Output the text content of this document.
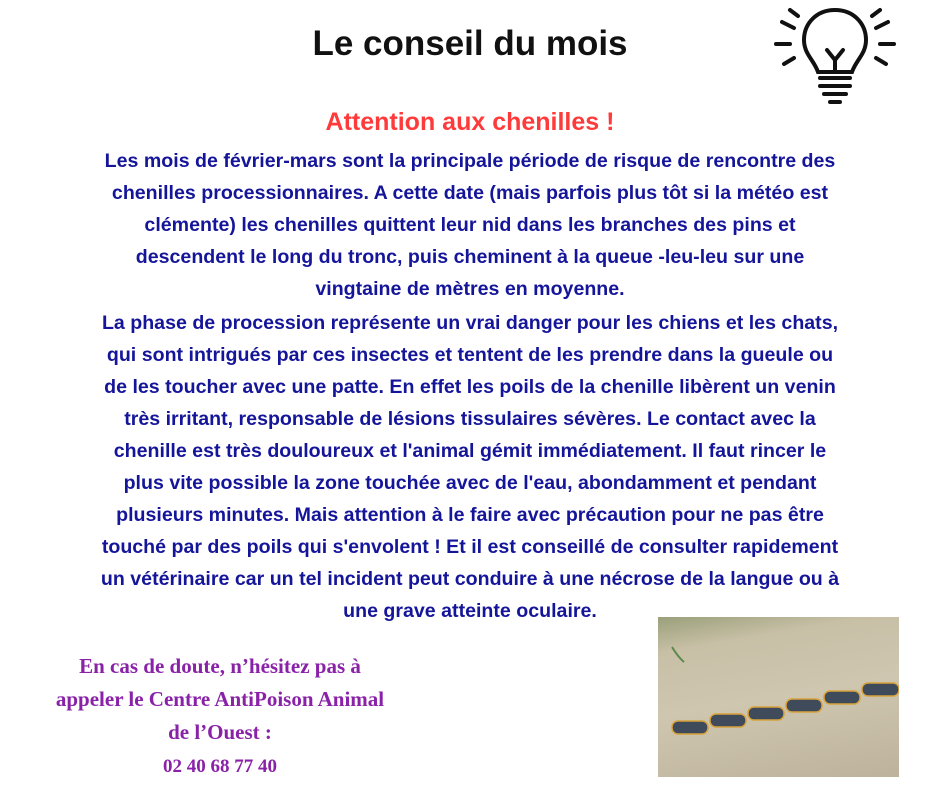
Le conseil du mois
Attention aux chenilles !
Les mois de février-mars sont la principale période de risque de rencontre des
chenilles processionnaires. A cette date (mais parfois plus tôt si la météo est
clémente) les chenilles quittent leur nid dans les branches des pins et
descendent le long du tronc, puis cheminent à la queue -leu-leu sur une
vingtaine de mètres en moyenne.
La phase de procession représente un vrai danger pour les chiens et les chats,
qui sont intrigués par ces insectes et tentent de les prendre dans la gueule ou
de les toucher avec une patte. En effet les poils de la chenille libèrent un venin
très irritant, responsable de lésions tissulaires sévères. Le contact avec la
chenille est très douloureux et l'animal gémit immédiatement. Il faut rincer le
plus vite possible la zone touchée avec de l'eau, abondamment et pendant
plusieurs minutes. Mais attention à le faire avec précaution pour ne pas être
touché par des poils qui s'envolent ! Et il est conseillé de consulter rapidement
un vétérinaire car un tel incident peut conduire à une nécrose de la langue ou à
une grave atteinte oculaire.
En cas de doute, n’hésitez pas à
appeler le Centre AntiPoison Animal
de l’Ouest :
02 40 68 77 40
